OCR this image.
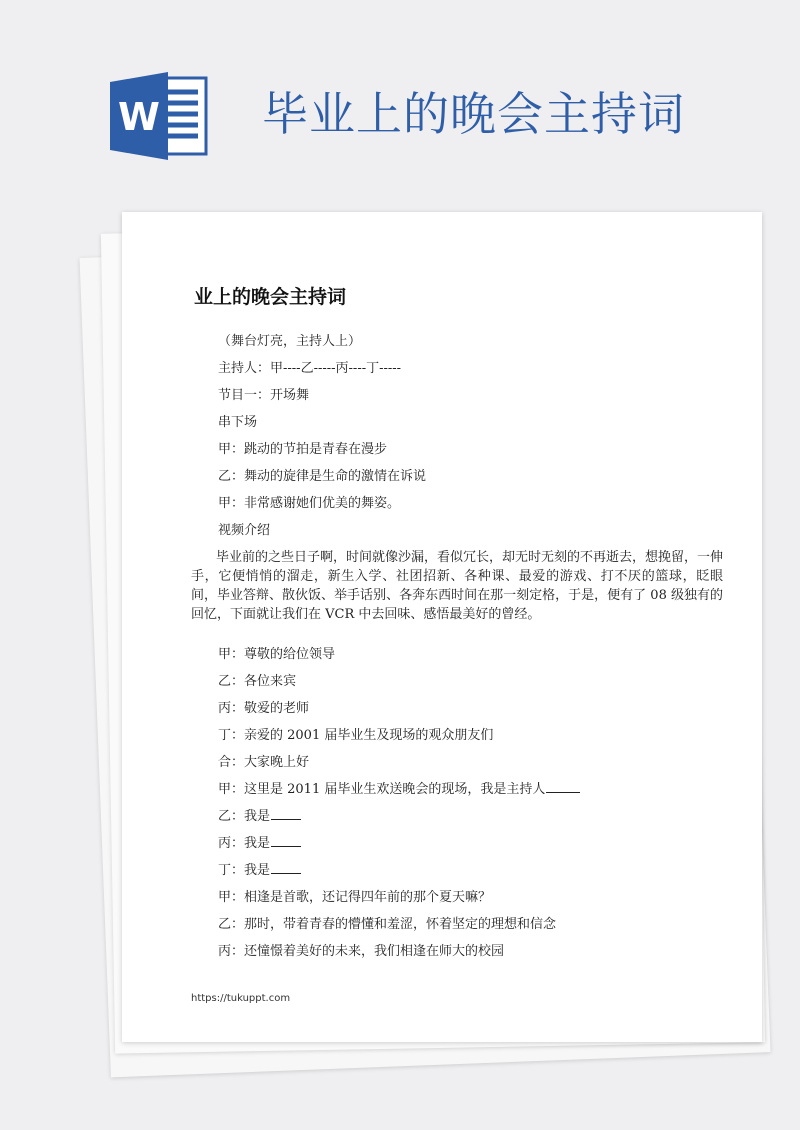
W 毕业上的晚会主持词
业上的晚会主持词
（舞台灯亮，主持人上）
主持人：甲----乙-----丙----丁-----
节目一：开场舞
串下场
甲：跳动的节拍是青春在漫步
乙：舞动的旋律是生命的激情在诉说
甲：非常感谢她们优美的舞姿。
视频介绍

毕业前的之些日子啊，时间就像沙漏，看似冗长，却无时无刻的不再逝去，想挽留，一伸手，它便悄悄的溜走，新生入学、社团招新、各种课、最爱的游戏、打不厌的篮球，眨眼间，毕业答辩、散伙饭、举手话别、各奔东西时间在那一刻定格，于是，便有了 08 级独有的回忆，下面就让我们在 VCR 中去回味、感悟最美好的曾经。

甲：尊敬的给位领导
乙：各位来宾
丙：敬爱的老师
丁：亲爱的 2001 届毕业生及现场的观众朋友们
合：大家晚上好
甲：这里是 2011 届毕业生欢送晚会的现场，我是主持人
乙：我是
丙：我是
丁：我是
甲：相逢是首歌，还记得四年前的那个夏天嘛？
乙：那时，带着青春的懵懂和羞涩，怀着坚定的理想和信念
丙：还憧憬着美好的未来，我们相逢在师大的校园
https://tukuppt.com
